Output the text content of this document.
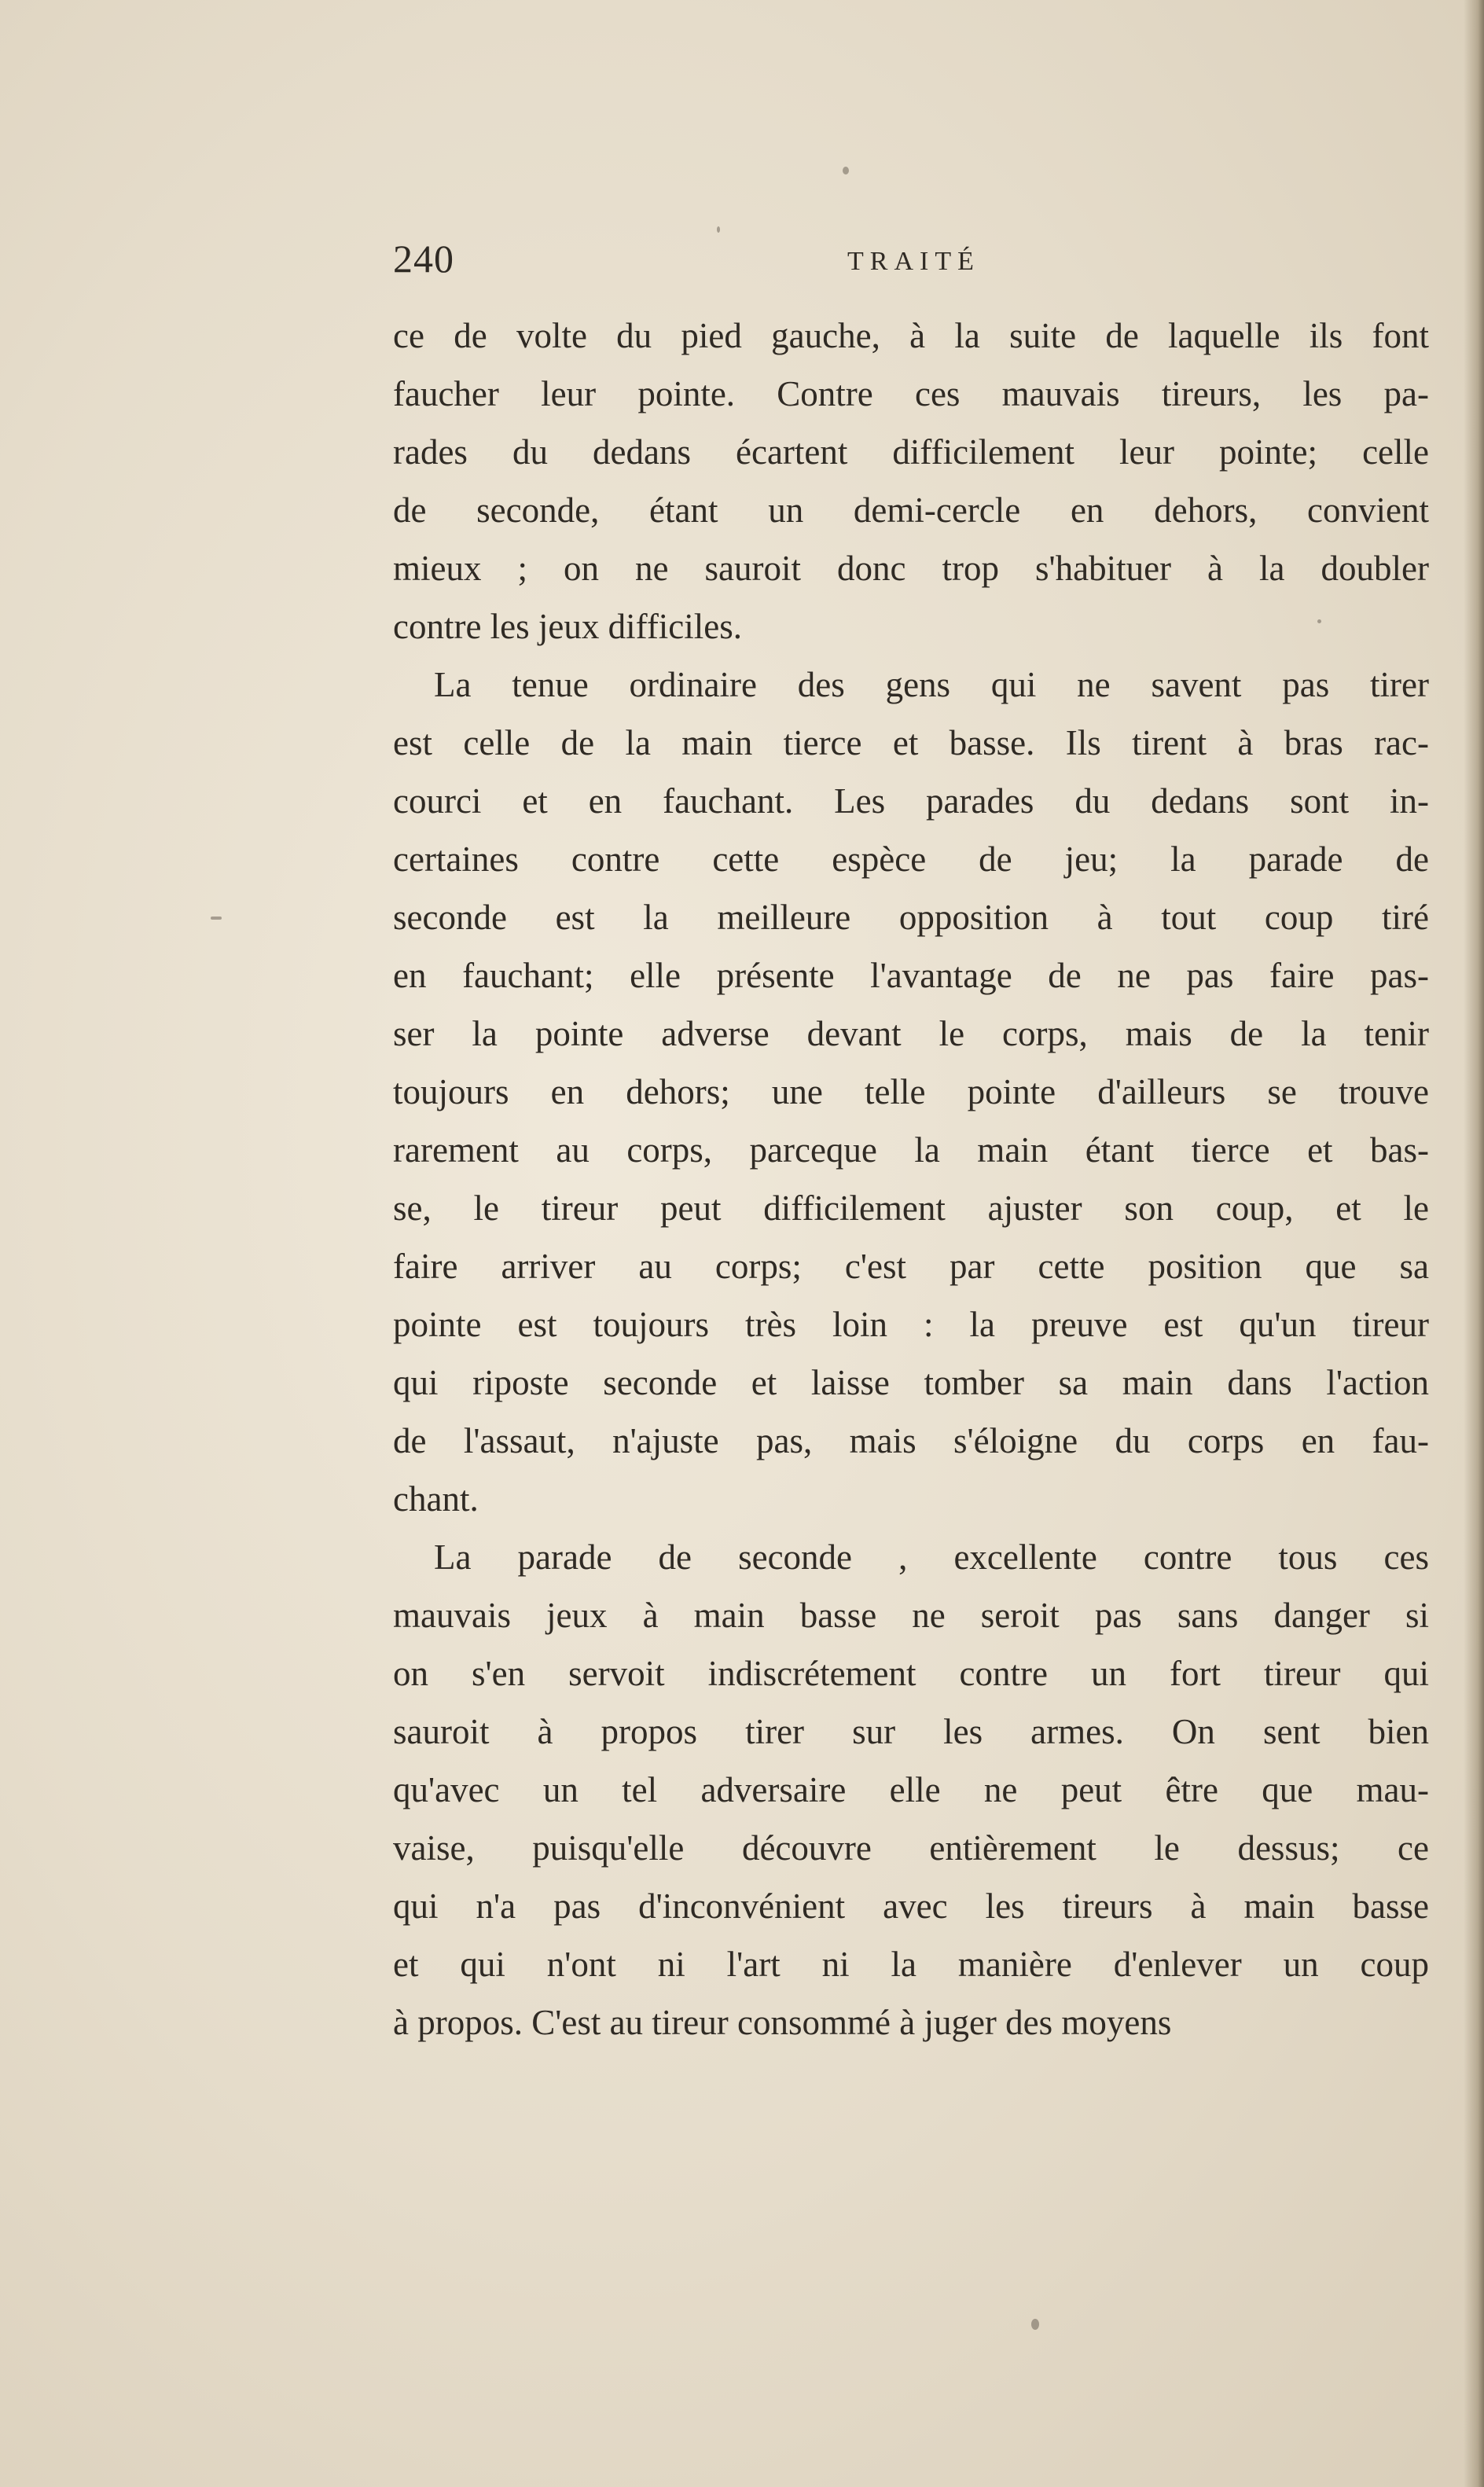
240	TRAITÉ
ce de volte du pied gauche, à la suite de laquelle ils font
faucher leur pointe. Contre ces mauvais tireurs, les pa-
rades du dedans écartent difficilement leur pointe; celle
de seconde, étant un demi-cercle en dehors, convient
mieux ; on ne sauroit donc trop s'habituer à la doubler
contre les jeux difficiles.
La tenue ordinaire des gens qui ne savent pas tirer
est celle de la main tierce et basse. Ils tirent à bras rac-
courci et en fauchant. Les parades du dedans sont in-
certaines contre cette espèce de jeu; la parade de
seconde est la meilleure opposition à tout coup tiré
en fauchant; elle présente l'avantage de ne pas faire pas-
ser la pointe adverse devant le corps, mais de la tenir
toujours en dehors; une telle pointe d'ailleurs se trouve
rarement au corps, parceque la main étant tierce et bas-
se, le tireur peut difficilement ajuster son coup, et le
faire arriver au corps; c'est par cette position que sa
pointe est toujours très loin : la preuve est qu'un tireur
qui riposte seconde et laisse tomber sa main dans l'action
de l'assaut, n'ajuste pas, mais s'éloigne du corps en fau-
chant.
La parade de seconde , excellente contre tous ces
mauvais jeux à main basse ne seroit pas sans danger si
on s'en servoit indiscrétement contre un fort tireur qui
sauroit à propos tirer sur les armes. On sent bien
qu'avec un tel adversaire elle ne peut être que mau-
vaise, puisqu'elle découvre entièrement le dessus; ce
qui n'a pas d'inconvénient avec les tireurs à main basse
et qui n'ont ni l'art ni la manière d'enlever un coup
à propos. C'est au tireur consommé à juger des moyens
